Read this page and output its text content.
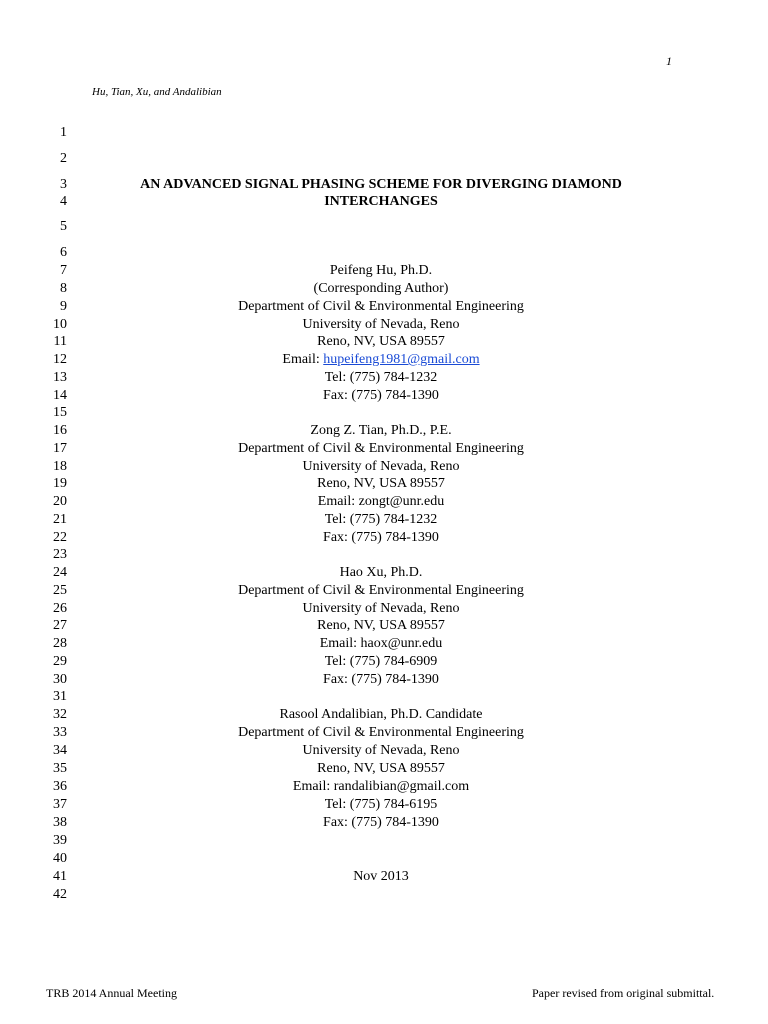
1
Hu, Tian, Xu, and Andalibian
1
2
3	AN ADVANCED SIGNAL PHASING SCHEME FOR DIVERGING DIAMOND
4	INTERCHANGES
5
6
7	Peifeng Hu, Ph.D.
8	(Corresponding Author)
9	Department of Civil & Environmental Engineering
10	University of Nevada, Reno
11	Reno, NV, USA 89557
12	Email: hupeifeng1981@gmail.com
13	Tel: (775) 784-1232
14	Fax: (775) 784-1390
15
16	Zong Z. Tian, Ph.D., P.E.
17	Department of Civil & Environmental Engineering
18	University of Nevada, Reno
19	Reno, NV, USA 89557
20	Email: zongt@unr.edu
21	Tel: (775) 784-1232
22	Fax: (775) 784-1390
23
24	Hao Xu, Ph.D.
25	Department of Civil & Environmental Engineering
26	University of Nevada, Reno
27	Reno, NV, USA 89557
28	Email: haox@unr.edu
29	Tel: (775) 784-6909
30	Fax: (775) 784-1390
31
32	Rasool Andalibian, Ph.D. Candidate
33	Department of Civil & Environmental Engineering
34	University of Nevada, Reno
35	Reno, NV, USA 89557
36	Email: randalibian@gmail.com
37	Tel: (775) 784-6195
38	Fax: (775) 784-1390
39
40
41	Nov 2013
42
TRB 2014 Annual Meeting	Paper revised from original submittal.
